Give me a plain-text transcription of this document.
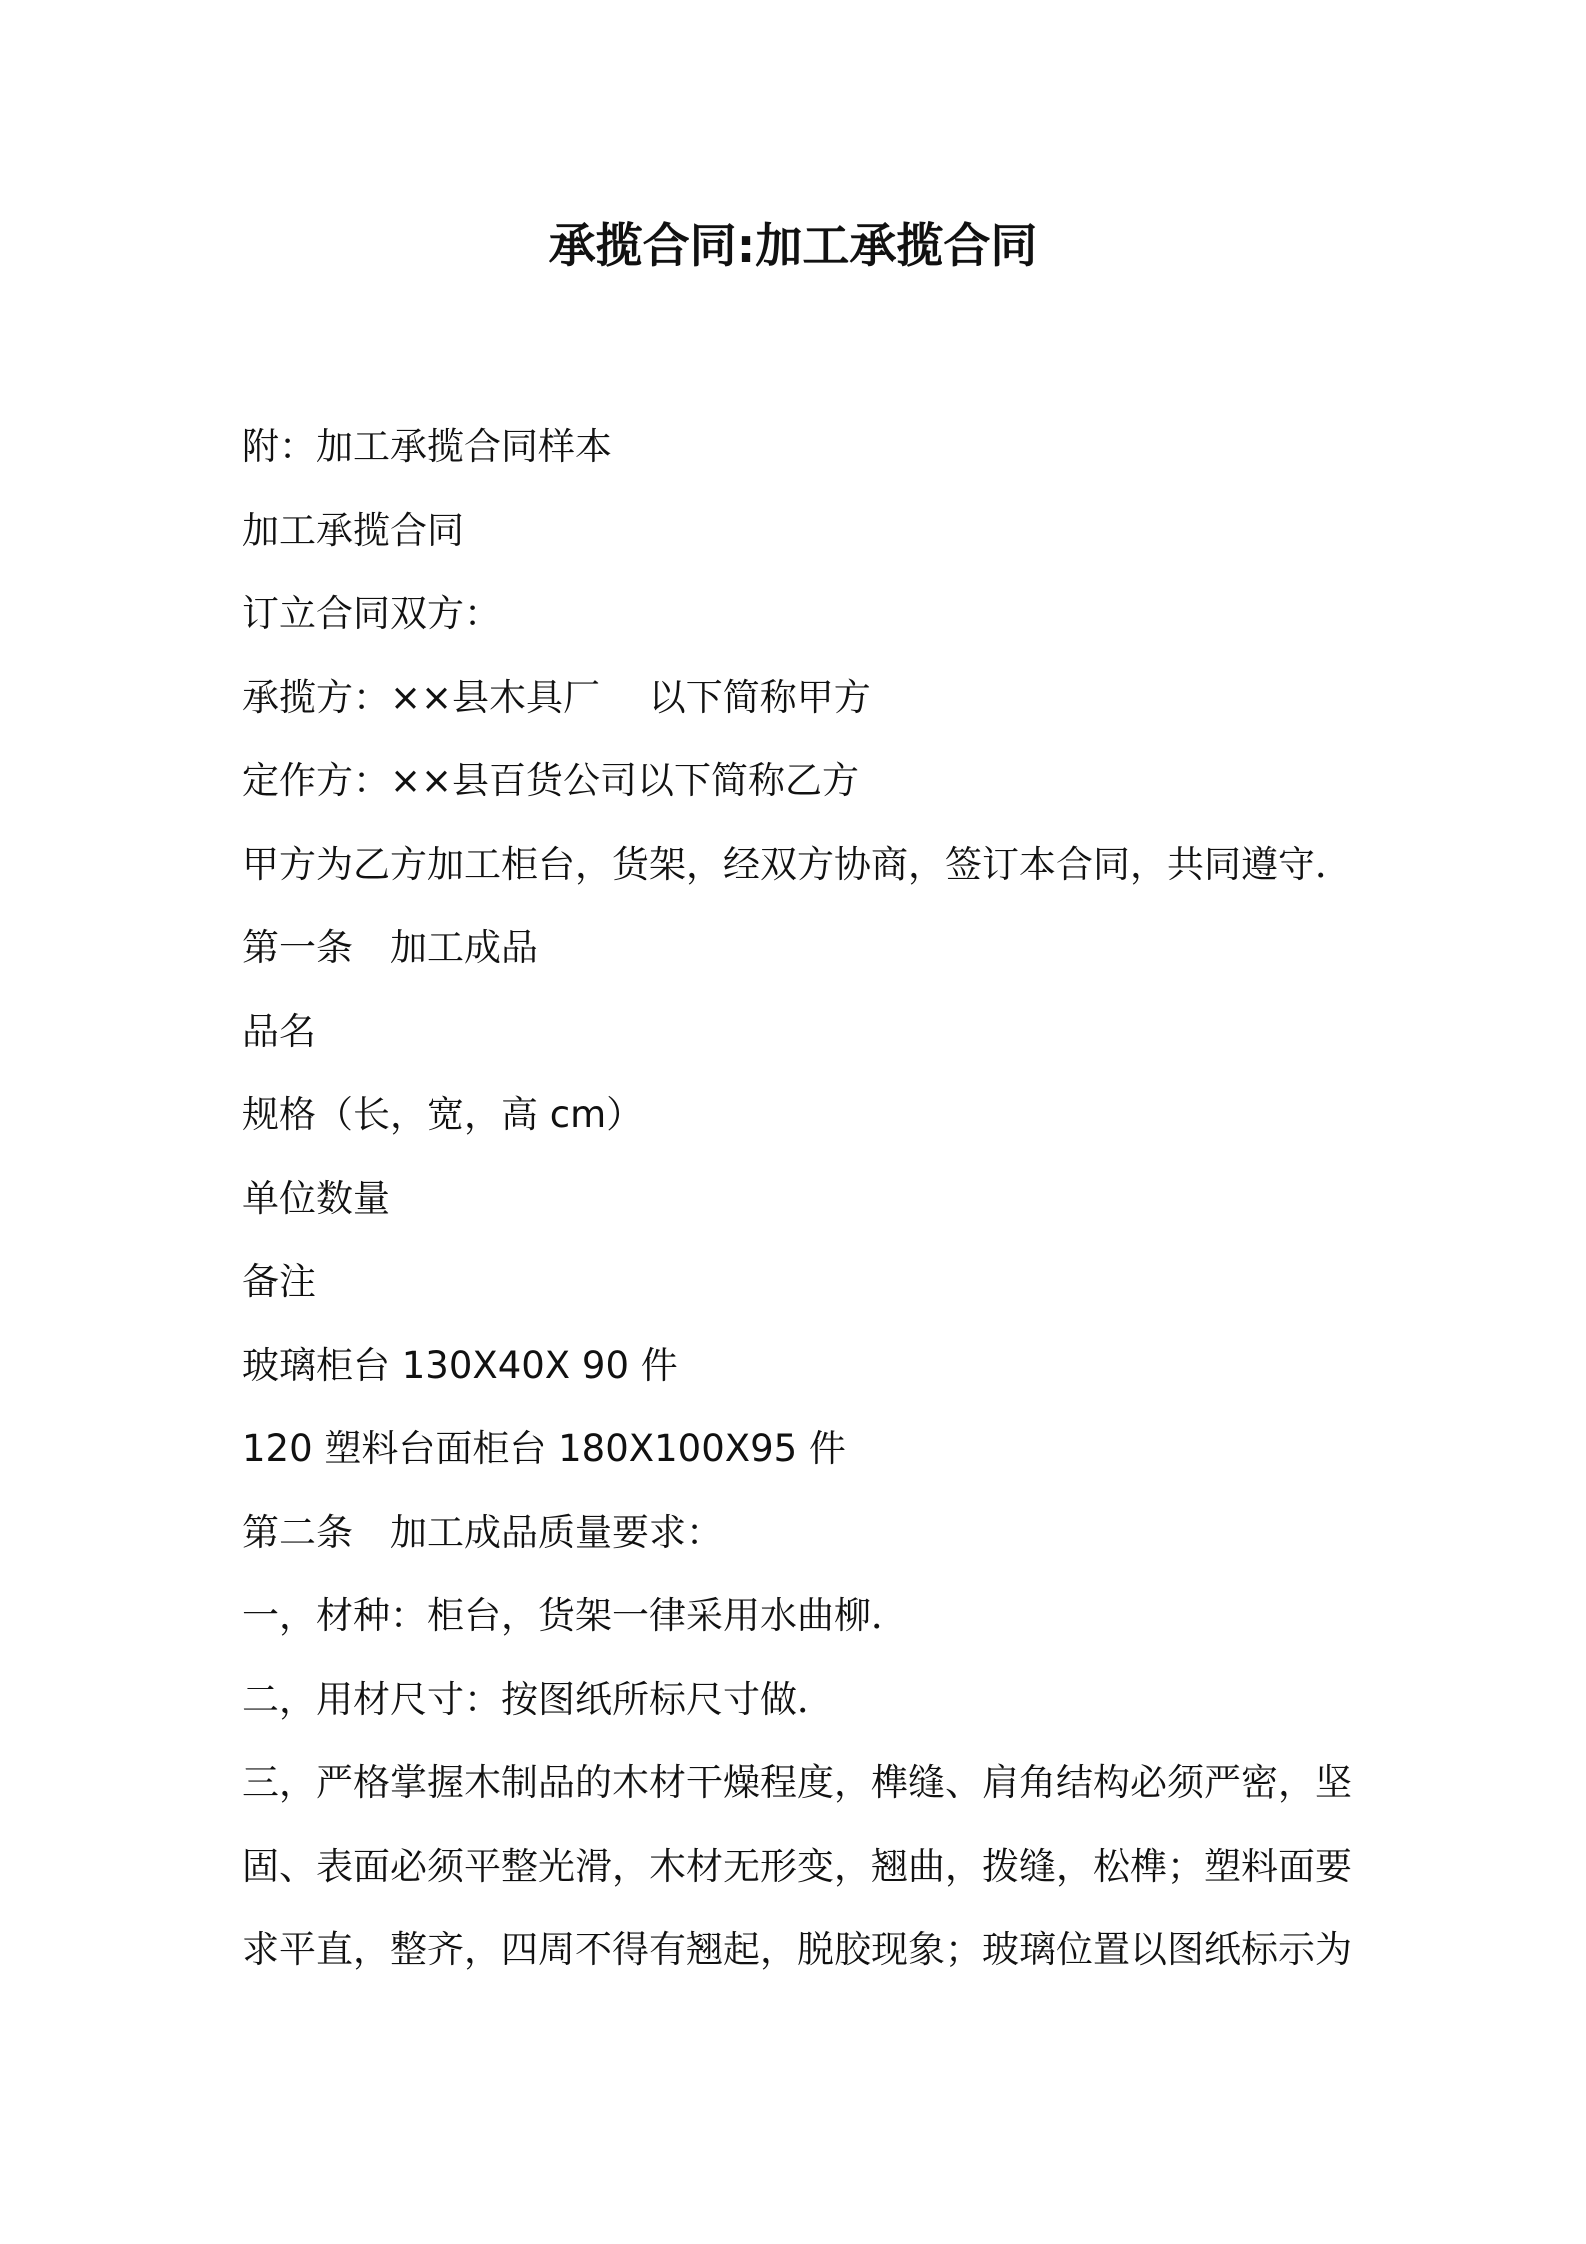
承揽合同:加工承揽合同
附：加工承揽合同样本
加工承揽合同
订立合同双方：
承揽方：××县木具厂　 以下简称甲方
定作方：××县百货公司以下简称乙方
甲方为乙方加工柜台，货架，经双方协商，签订本合同，共同遵守．
第一条　加工成品
品名
规格（长，宽，高 cm）
单位数量
备注
玻璃柜台 130X40X 90 件
120 塑料台面柜台 180X100X95 件
第二条　加工成品质量要求：
一，材种：柜台，货架一律采用水曲柳．
二，用材尺寸：按图纸所标尺寸做．
三，严格掌握木制品的木材干燥程度，榫缝、肩角结构必须严密，坚
固、表面必须平整光滑，木材无形变，翘曲，拨缝，松榫；塑料面要
求平直，整齐，四周不得有翘起，脱胶现象；玻璃位置以图纸标示为
